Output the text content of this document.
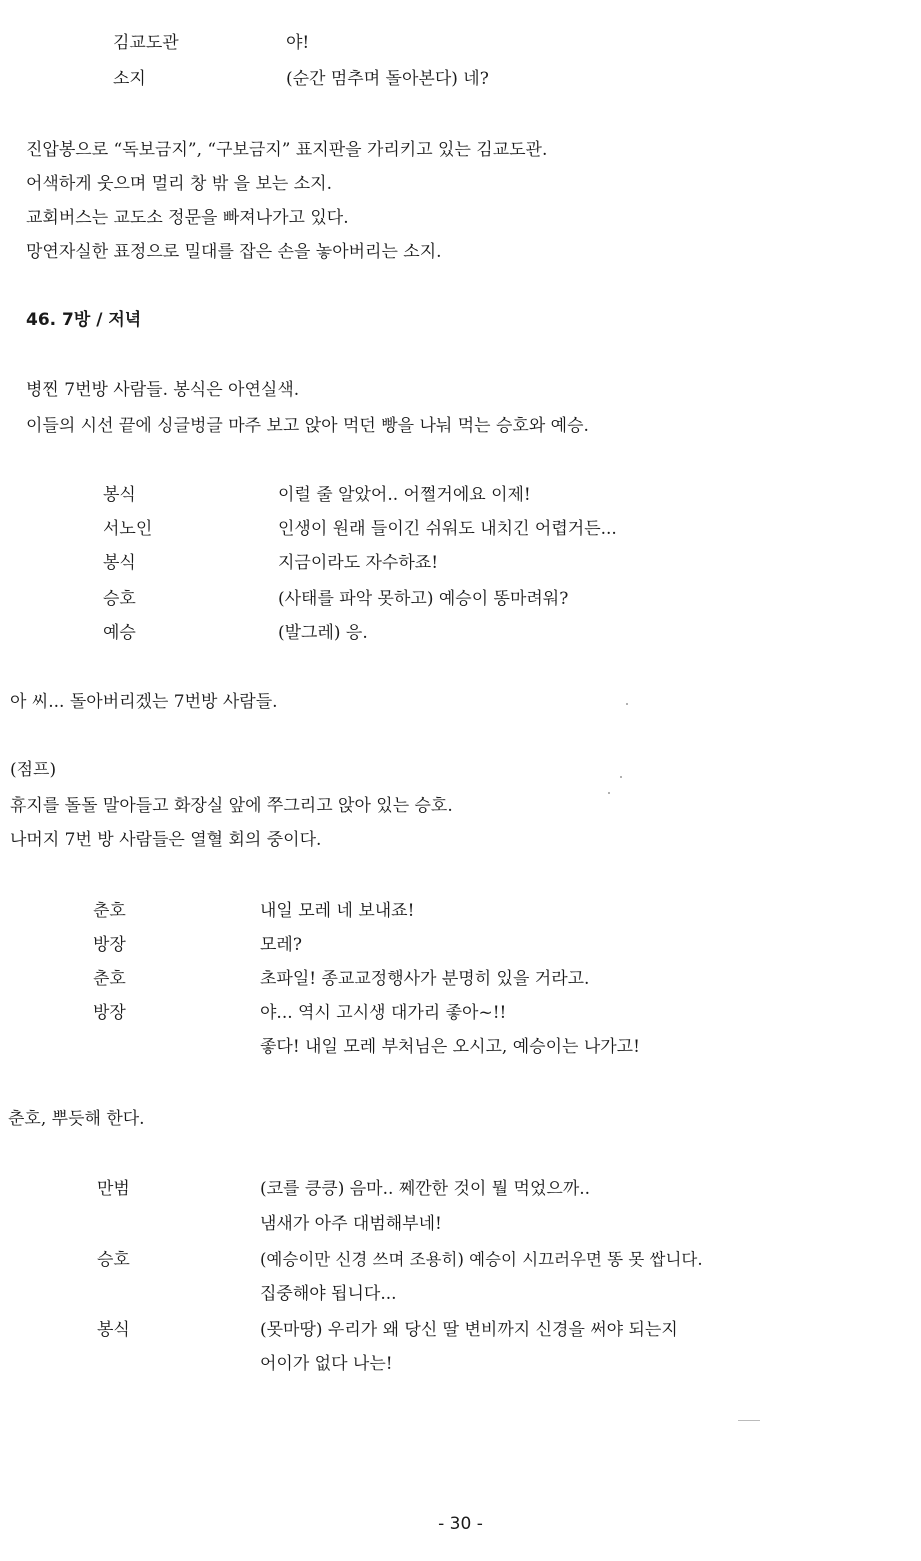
김교도관	야!
소지	(순간 멈추며 돌아본다) 네?
진압봉으로 “독보금지”, “구보금지” 표지판을 가리키고 있는 김교도관.
어색하게 웃으며 멀리 창 밖 을 보는 소지.
교회버스는 교도소 정문을 빠져나가고 있다.
망연자실한 표정으로 밀대를 잡은 손을 놓아버리는 소지.
46. 7방 / 저녁
병찐 7번방 사람들. 봉식은 아연실색.
이들의 시선 끝에 싱글벙글 마주 보고 앉아 먹던 빵을 나눠 먹는 승호와 예승.
봉식	이럴 줄 알았어.. 어쩔거에요 이제!
서노인	인생이 원래 들이긴 쉬워도 내치긴 어렵거든...
봉식	지금이라도 자수하죠!
승호	(사태를 파악 못하고) 예승이 똥마려워?
예승	(발그레) 응.
아 씨... 돌아버리겠는 7번방 사람들.
(점프)
휴지를 돌돌 말아들고 화장실 앞에 쭈그리고 앉아 있는 승호.
나머지 7번 방 사람들은 열혈 회의 중이다.
춘호	내일 모레 네 보내죠!
방장	모레?
춘호	초파일! 종교교정행사가 분명히 있을 거라고.
방장	야... 역시 고시생 대가리 좋아~!!
좋다! 내일 모레 부처님은 오시고, 예승이는 나가고!
춘호, 뿌듯해 한다.
만범	(코를 킁킁) 음마.. 쩨깐한 것이 뭘 먹었으까..
냄새가 아주 대범해부네!
승호	(예승이만 신경 쓰며 조용히) 예승이 시끄러우면 똥 못 쌉니다.
집중해야 됩니다...
봉식	(못마땅) 우리가 왜 당신 딸 변비까지 신경을 써야 되는지
어이가 없다 나는!
- 30 -
